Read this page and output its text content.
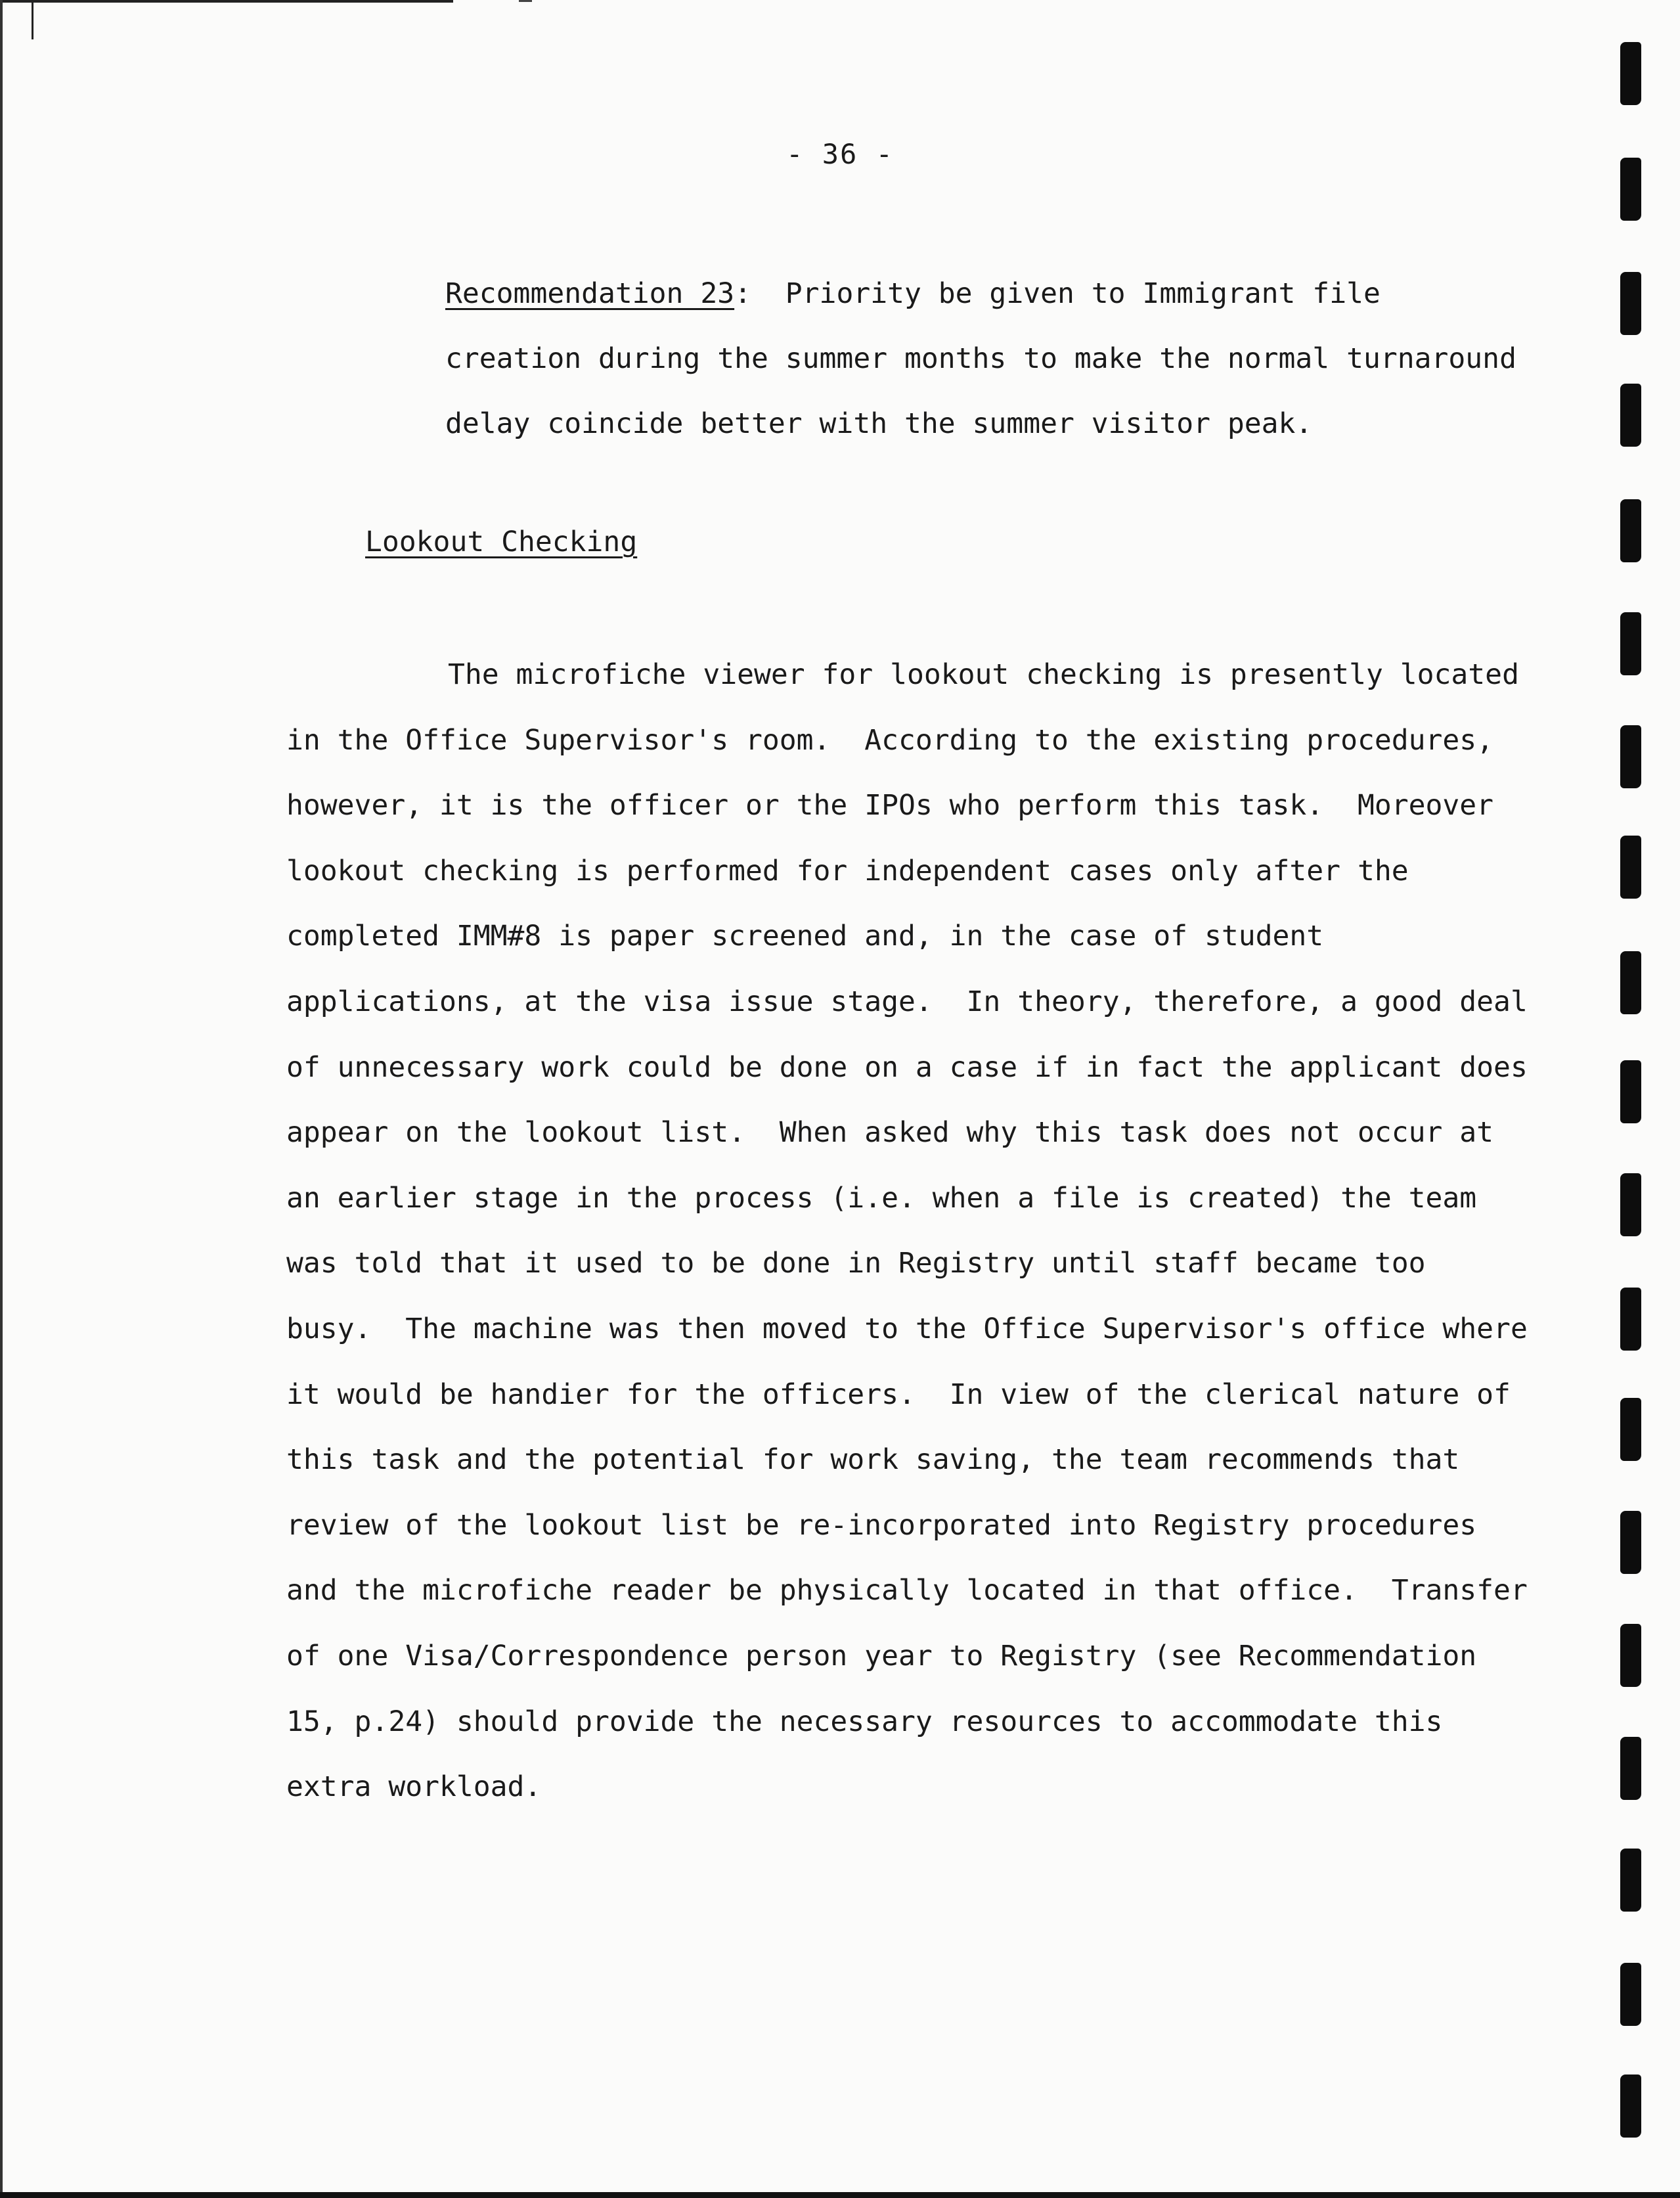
- 36 -
Recommendation 23:  Priority be given to Immigrant file
creation during the summer months to make the normal turnaround
delay coincide better with the summer visitor peak.
Lookout Checking
The microfiche viewer for lookout checking is presently located
in the Office Supervisor's room.  According to the existing procedures,
however, it is the officer or the IPOs who perform this task.  Moreover
lookout checking is performed for independent cases only after the
completed IMM#8 is paper screened and, in the case of student
applications, at the visa issue stage.  In theory, therefore, a good deal
of unnecessary work could be done on a case if in fact the applicant does
appear on the lookout list.  When asked why this task does not occur at
an earlier stage in the process (i.e. when a file is created) the team
was told that it used to be done in Registry until staff became too
busy.  The machine was then moved to the Office Supervisor's office where
it would be handier for the officers.  In view of the clerical nature of
this task and the potential for work saving, the team recommends that
review of the lookout list be re-incorporated into Registry procedures
and the microfiche reader be physically located in that office.  Transfer
of one Visa/Correspondence person year to Registry (see Recommendation
15, p.24) should provide the necessary resources to accommodate this
extra workload.
